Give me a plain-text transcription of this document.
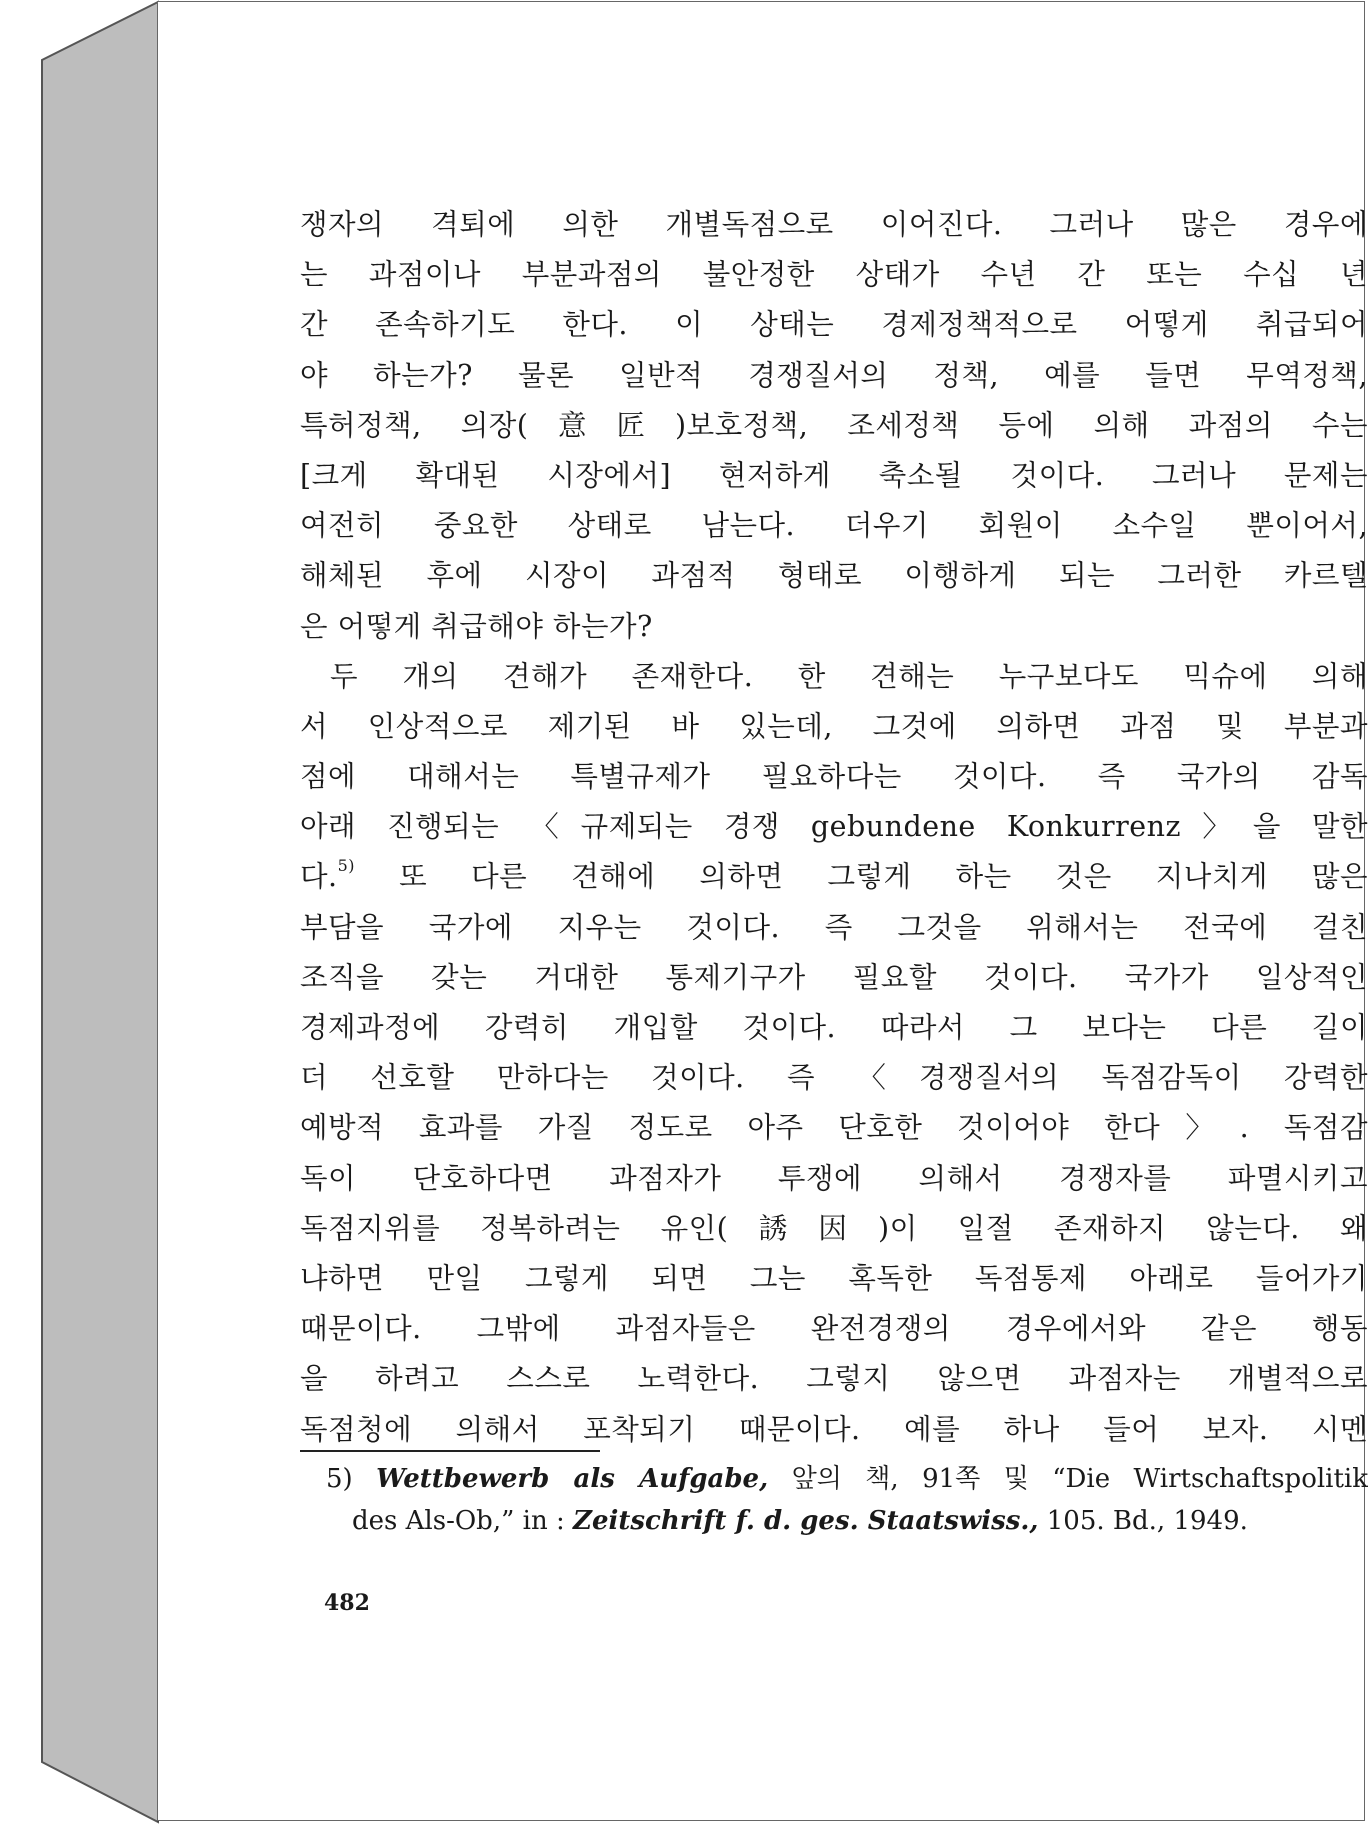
쟁자의 격퇴에 의한 개별독점으로 이어진다. 그러나 많은 경우에
는 과점이나 부분과점의 불안정한 상태가 수년 간 또는 수십 년
간 존속하기도 한다. 이 상태는 경제정책적으로 어떻게 취급되어
야 하는가? 물론 일반적 경쟁질서의 정책, 예를 들면 무역정책,
특허정책, 의장(意匠)보호정책, 조세정책 등에 의해 과점의 수는
[크게 확대된 시장에서] 현저하게 축소될 것이다. 그러나 문제는
여전히 중요한 상태로 남는다. 더우기 회원이 소수일 뿐이어서,
해체된 후에 시장이 과점적 형태로 이행하게 되는 그러한 카르텔
은 어떻게 취급해야 하는가?
두 개의 견해가 존재한다. 한 견해는 누구보다도 믹슈에 의해
서 인상적으로 제기된 바 있는데, 그것에 의하면 과점 및 부분과
점에 대해서는 특별규제가 필요하다는 것이다. 즉 국가의 감독
아래 진행되는 〈규제되는 경쟁 gebundene Konkurrenz〉을 말한
다.$^{5)}$ 또 다른 견해에 의하면 그렇게 하는 것은 지나치게 많은
부담을 국가에 지우는 것이다. 즉 그것을 위해서는 전국에 걸친
조직을 갖는 거대한 통제기구가 필요할 것이다. 국가가 일상적인
경제과정에 강력히 개입할 것이다. 따라서 그 보다는 다른 길이
더 선호할 만하다는 것이다. 즉 〈경쟁질서의 독점감독이 강력한
예방적 효과를 가질 정도로 아주 단호한 것이어야 한다〉. 독점감
독이 단호하다면 과점자가 투쟁에 의해서 경쟁자를 파멸시키고
독점지위를 정복하려는 유인(誘因)이 일절 존재하지 않는다. 왜
냐하면 만일 그렇게 되면 그는 혹독한 독점통제 아래로 들어가기
때문이다. 그밖에 과점자들은 완전경쟁의 경우에서와 같은 행동
을 하려고 스스로 노력한다. 그렇지 않으면 과점자는 개별적으로
독점청에 의해서 포착되기 때문이다. 예를 하나 들어 보자. 시멘
5) Wettbewerb als Aufgabe, 앞의 책, 91쪽 및 “Die Wirtschaftspolitik
des Als-Ob,” in : Zeitschrift f. d. ges. Staatswiss., 105. Bd., 1949.
482
